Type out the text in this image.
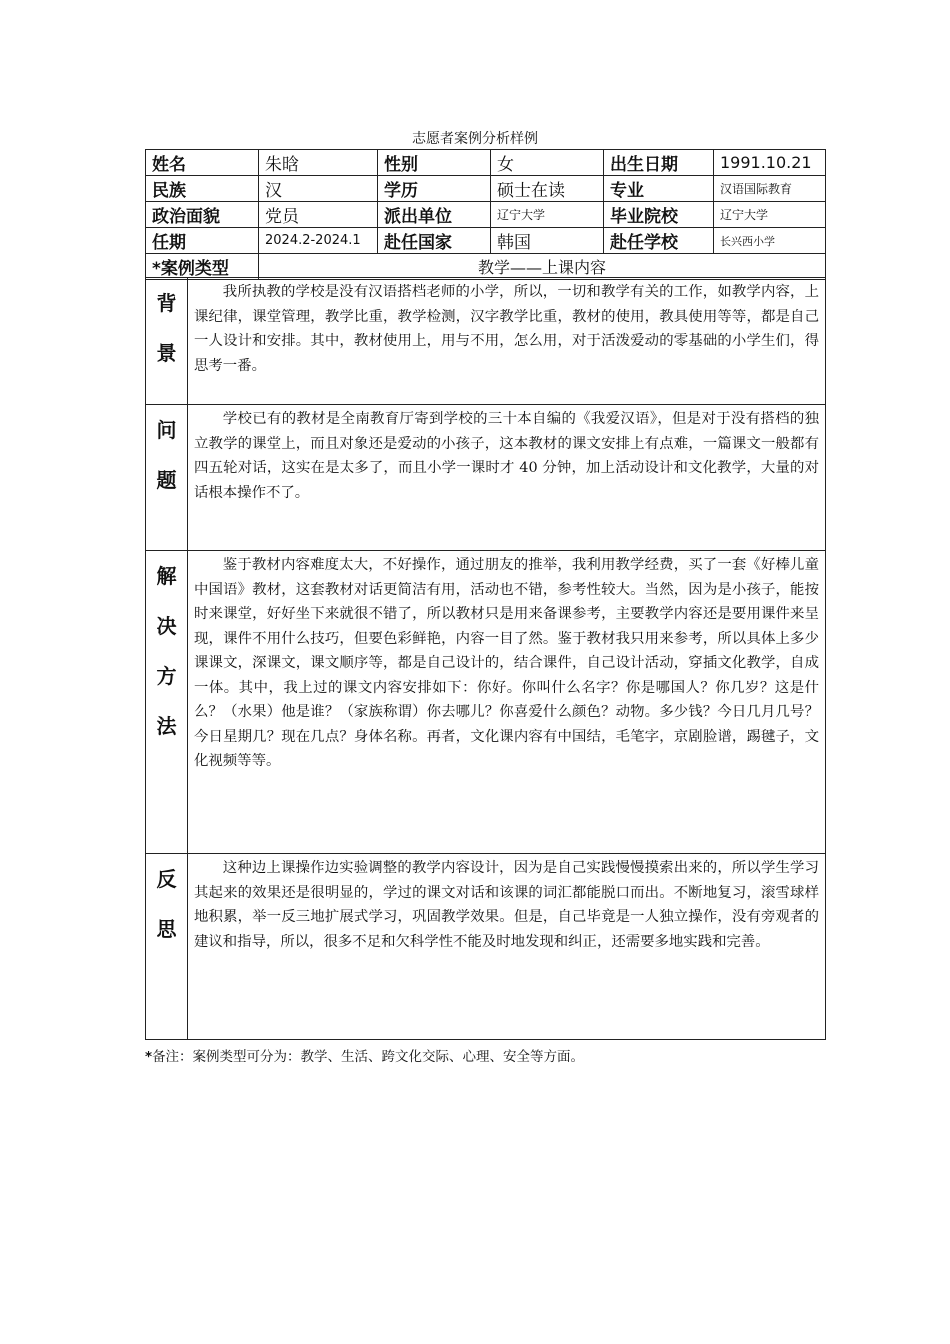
志愿者案例分析样例
姓名	朱晗	性别	女	出生日期	1991.10.21
民族	汉	学历	硕士在读	专业	汉语国际教育
政治面貌	党员	派出单位	辽宁大学	毕业院校	辽宁大学
任期	2024.2-2024.1	赴任国家	韩国	赴任学校	长兴西小学
*案例类型	教学——上课内容				
背景	我所执教的学校是没有汉语搭档老师的小学，所以，一切和教学有关的工作，如教学内容，上课纪律，课堂管理，教学比重，教学检测，汉字教学比重，教材的使用，教具使用等等，都是自己一人设计和安排。其中，教材使用上，用与不用，怎么用，对于活泼爱动的零基础的小学生们，得思考一番。

问题	学校已有的教材是全南教育厅寄到学校的三十本自编的《我爱汉语》，但是对于没有搭档的独立教学的课堂上，而且对象还是爱动的小孩子，这本教材的课文安排上有点难，一篇课文一般都有四五轮对话，这实在是太多了，而且小学一课时才 40 分钟，加上活动设计和文化教学，大量的对话根本操作不了。

解决方法	鉴于教材内容难度太大，不好操作，通过朋友的推举，我利用教学经费，买了一套《好棒儿童中国语》教材，这套教材对话更简洁有用，活动也不错，参考性较大。当然，因为是小孩子，能按时来课堂，好好坐下来就很不错了，所以教材只是用来备课参考，主要教学内容还是要用课件来呈现，课件不用什么技巧，但要色彩鲜艳，内容一目了然。鉴于教材我只用来参考，所以具体上多少课课文，深课文，课文顺序等，都是自己设计的，结合课件，自己设计活动，穿插文化教学，自成一体。其中，我上过的课文内容安排如下：你好。你叫什么名字？你是哪国人？你几岁？这是什么？（水果）他是谁？（家族称谓）你去哪儿？你喜爱什么颜色？动物。多少钱？今日几月几号？今日星期几？现在几点？身体名称。再者，文化课内容有中国结，毛笔字，京剧脸谱，踢毽子，文化视频等等。

反思	这种边上课操作边实验调整的教学内容设计，因为是自己实践慢慢摸索出来的，所以学生学习其起来的效果还是很明显的，学过的课文对话和该课的词汇都能脱口而出。不断地复习，滚雪球样地积累，举一反三地扩展式学习，巩固教学效果。但是，自己毕竟是一人独立操作，没有旁观者的建议和指导，所以，很多不足和欠科学性不能及时地发现和纠正，还需要多地实践和完善。
*备注：案例类型可分为：教学、生活、跨文化交际、心理、安全等方面。
